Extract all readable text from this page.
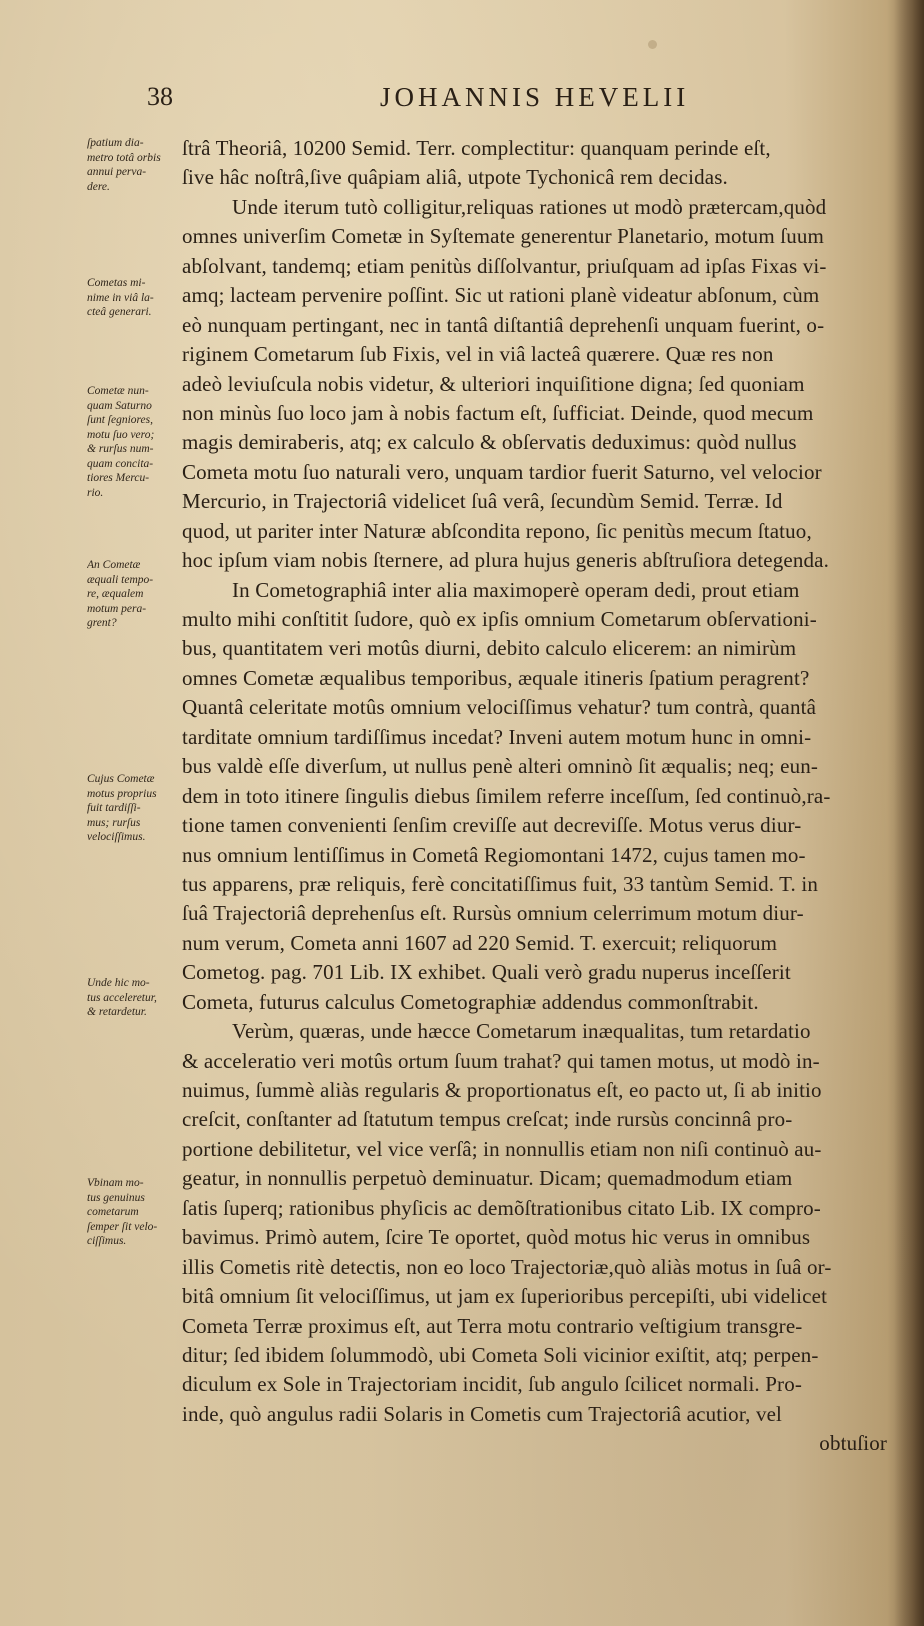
38	JOHANNIS HEVELII
ſtrâ Theoriâ, 10200 Semid. Terr. complectitur: quanquam perinde eſt,
ſive hâc noſtrâ,ſive quâpiam aliâ, utpote Tychonicâ rem decidas.
Unde iterum tutò colligitur,reliquas rationes ut modò prætercam,quòd
omnes univerſim Cometæ in Syſtemate generentur Planetario, motum ſuum
abſolvant, tandemq; etiam penitùs diſſolvantur, priuſquam ad ipſas Fixas vi-
amq; lacteam pervenire poſſint. Sic ut rationi planè videatur abſonum, cùm
eò nunquam pertingant, nec in tantâ diſtantiâ deprehenſi unquam fuerint, o-
riginem Cometarum ſub Fixis, vel in viâ lacteâ quærere. Quæ res non
adeò leviuſcula nobis videtur, & ulteriori inquiſitione digna; ſed quoniam
non minùs ſuo loco jam à nobis factum eſt, ſufficiat. Deinde, quod mecum
magis demiraberis, atq; ex calculo & obſervatis deduximus: quòd nullus
Cometa motu ſuo naturali vero, unquam tardior fuerit Saturno, vel velocior
Mercurio, in Trajectoriâ videlicet ſuâ verâ, ſecundùm Semid. Terræ. Id
quod, ut pariter inter Naturæ abſcondita repono, ſic penitùs mecum ſtatuo,
hoc ipſum viam nobis ſternere, ad plura hujus generis abſtruſiora detegenda.
In Cometographiâ inter alia maximoperè operam dedi, prout etiam
multo mihi conſtitit ſudore, quò ex ipſis omnium Cometarum obſervationi-
bus, quantitatem veri motûs diurni, debito calculo elicerem: an nimirùm
omnes Cometæ æqualibus temporibus, æquale itineris ſpatium peragrent?
Quantâ celeritate motûs omnium velociſſimus vehatur? tum contrà, quantâ
tarditate omnium tardiſſimus incedat? Inveni autem motum hunc in omni-
bus valdè eſſe diverſum, ut nullus penè alteri omninò ſit æqualis; neq; eun-
dem in toto itinere ſingulis diebus ſimilem referre inceſſum, ſed continuò,ra-
tione tamen convenienti ſenſim creviſſe aut decreviſſe. Motus verus diur-
nus omnium lentiſſimus in Cometâ Regiomontani 1472, cujus tamen mo-
tus apparens, præ reliquis, ferè concitatiſſimus fuit, 33 tantùm Semid. T. in
ſuâ Trajectoriâ deprehenſus eſt. Rursùs omnium celerrimum motum diur-
num verum, Cometa anni 1607 ad 220 Semid. T. exercuit; reliquorum
Cometog. pag. 701 Lib. IX exhibet. Quali verò gradu nuperus inceſſerit
Cometa, futurus calculus Cometographiæ addendus commonſtrabit.
Verùm, quæras, unde hæcce Cometarum inæqualitas, tum retardatio
& acceleratio veri motûs ortum ſuum trahat? qui tamen motus, ut modò in-
nuimus, ſummè aliàs regularis & proportionatus eſt, eo pacto ut, ſi ab initio
creſcit, conſtanter ad ſtatutum tempus creſcat; inde rursùs concinnâ pro-
portione debilitetur, vel vice verſâ; in nonnullis etiam non niſi continuò au-
geatur, in nonnullis perpetuò deminuatur. Dicam; quemadmodum etiam
ſatis ſuperq; rationibus phyſicis ac demõſtrationibus citato Lib. IX compro-
bavimus. Primò autem, ſcire Te oportet, quòd motus hic verus in omnibus
illis Cometis ritè detectis, non eo loco Trajectoriæ,quò aliàs motus in ſuâ or-
bitâ omnium ſit velociſſimus, ut jam ex ſuperioribus percepiſti, ubi videlicet
Cometa Terræ proximus eſt, aut Terra motu contrario veſtigium transgre-
ditur; ſed ibidem ſolummodò, ubi Cometa Soli vicinior exiſtit, atq; perpen-
diculum ex Sole in Trajectoriam incidit, ſub angulo ſcilicet normali. Pro-
inde, quò angulus radii Solaris in Cometis cum Trajectoriâ acutior, vel
obtuſior
ſpatium dia-
metro totâ orbis
annui perva-
dere.
Cometas mi-
nime in viâ la-
cteâ generari.
Cometæ nun-
quam Saturno
ſunt ſegniores,
motu ſuo vero;
& rurſus num-
quam concita-
tiores Mercu-
rio.
An Cometæ
æquali tempo-
re, æqualem
motum pera-
grent?
Cujus Cometæ
motus proprius
fuit tardiſſi-
mus; rurſus
velociſſimus.
Unde hic mo-
tus acceleretur,
& retardetur.
Vbinam mo-
tus genuinus
cometarum
ſemper ſit velo-
ciſſimus.
